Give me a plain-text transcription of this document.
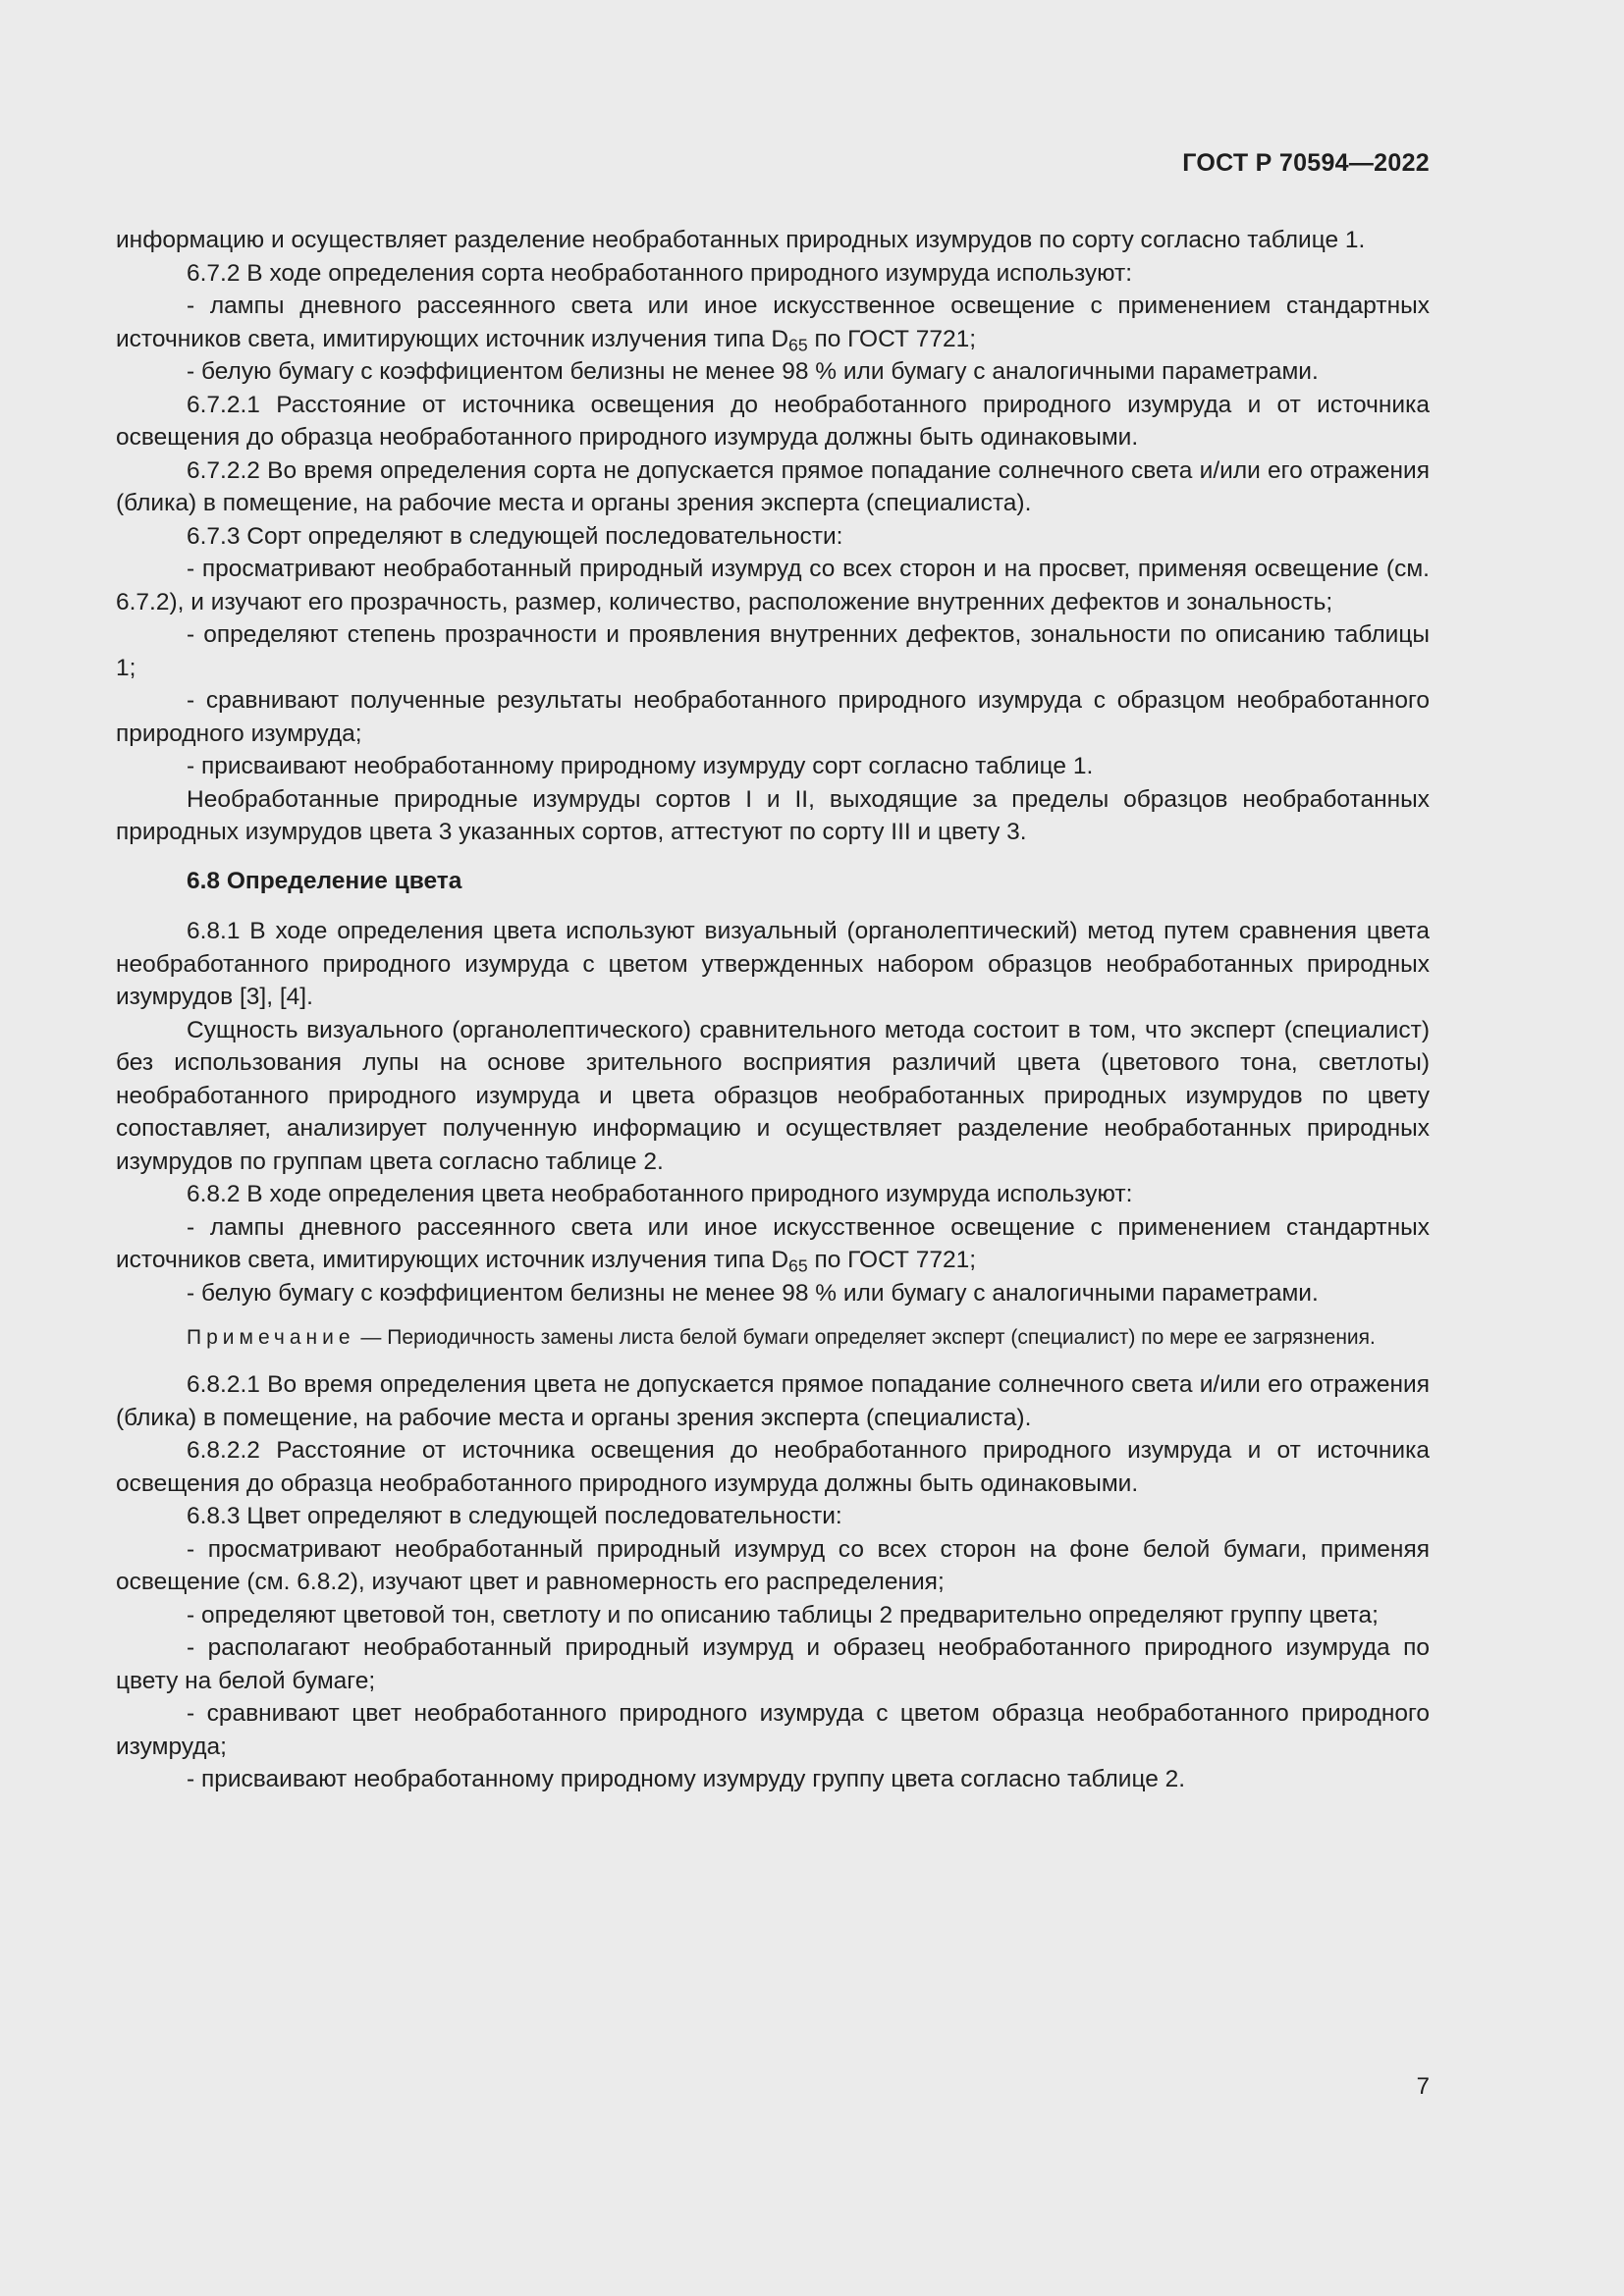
ГОСТ Р 70594—2022

информацию и осуществляет разделение необработанных природных изумрудов по сорту согласно таблице 1.

6.7.2 В ходе определения сорта необработанного природного изумруда используют:

- лампы дневного рассеянного света или иное искусственное освещение с применением стандартных источников света, имитирующих источник излучения типа $D_{65}$ по ГОСТ 7721;

- белую бумагу с коэффициентом белизны не менее 98 % или бумагу с аналогичными параметрами.

6.7.2.1 Расстояние от источника освещения до необработанного природного изумруда и от источника освещения до образца необработанного природного изумруда должны быть одинаковыми.

6.7.2.2 Во время определения сорта не допускается прямое попадание солнечного света и/или его отражения (блика) в помещение, на рабочие места и органы зрения эксперта (специалиста).

6.7.3 Сорт определяют в следующей последовательности:

- просматривают необработанный природный изумруд со всех сторон и на просвет, применяя освещение (см. 6.7.2), и изучают его прозрачность, размер, количество, расположение внутренних дефектов и зональность;

- определяют степень прозрачности и проявления внутренних дефектов, зональности по описанию таблицы 1;

- сравнивают полученные результаты необработанного природного изумруда с образцом необработанного природного изумруда;

- присваивают необработанному природному изумруду сорт согласно таблице 1.

Необработанные природные изумруды сортов I и II, выходящие за пределы образцов необработанных природных изумрудов цвета 3 указанных сортов, аттестуют по сорту III и цвету 3.

6.8 Определение цвета

6.8.1 В ходе определения цвета используют визуальный (органолептический) метод путем сравнения цвета необработанного природного изумруда с цветом утвержденных набором образцов необработанных природных изумрудов [3], [4].

Сущность визуального (органолептического) сравнительного метода состоит в том, что эксперт (специалист) без использования лупы на основе зрительного восприятия различий цвета (цветового тона, светлоты) необработанного природного изумруда и цвета образцов необработанных природных изумрудов по цвету сопоставляет, анализирует полученную информацию и осуществляет разделение необработанных природных изумрудов по группам цвета согласно таблице 2.

6.8.2 В ходе определения цвета необработанного природного изумруда используют:

- лампы дневного рассеянного света или иное искусственное освещение с применением стандартных источников света, имитирующих источник излучения типа $D_{65}$ по ГОСТ 7721;

- белую бумагу с коэффициентом белизны не менее 98 % или бумагу с аналогичными параметрами.

Примечание — Периодичность замены листа белой бумаги определяет эксперт (специалист) по мере ее загрязнения.

6.8.2.1 Во время определения цвета не допускается прямое попадание солнечного света и/или его отражения (блика) в помещение, на рабочие места и органы зрения эксперта (специалиста).

6.8.2.2 Расстояние от источника освещения до необработанного природного изумруда и от источника освещения до образца необработанного природного изумруда должны быть одинаковыми.

6.8.3 Цвет определяют в следующей последовательности:

- просматривают необработанный природный изумруд со всех сторон на фоне белой бумаги, применяя освещение (см. 6.8.2), изучают цвет и равномерность его распределения;

- определяют цветовой тон, светлоту и по описанию таблицы 2 предварительно определяют группу цвета;

- располагают необработанный природный изумруд и образец необработанного природного изумруда по цвету на белой бумаге;

- сравнивают цвет необработанного природного изумруда с цветом образца необработанного природного изумруда;

- присваивают необработанному природному изумруду группу цвета согласно таблице 2.

7
